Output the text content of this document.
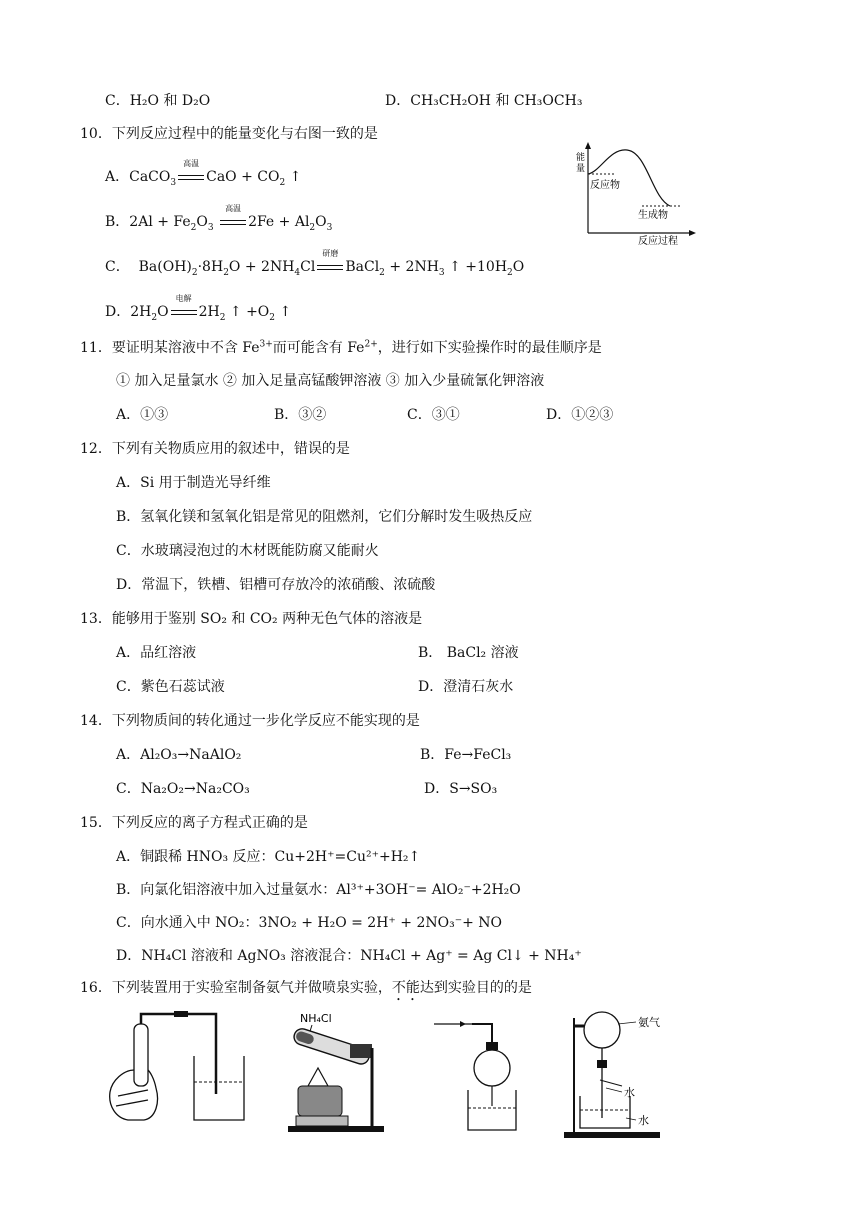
C．H₂O 和 D₂O	D．CH₃CH₂OH 和 CH₃OCH₃
10．下列反应过程中的能量变化与右图一致的是
能
量
反应物
生成物
反应过程
A．CaCO$_3$
高温
CaO + $CO_2$ ↑
B．$2Al + Fe_2O_3$
高温
$2Fe + Al_2O_3$
C．  $Ba(OH)_2\cdot 8H_2O + 2NH_4Cl$
研磨
BaCl$_2$ + $2NH_3$ ↑ $+10H_2O$
D．$2H_2O$
电解
$2H_2$ ↑ $+O_2$ ↑
11．要证明某溶液中不含 $Fe^{3+}$而可能含有 $Fe^{2+}$，进行如下实验操作时的最佳顺序是
① 加入足量氯水 ② 加入足量高锰酸钾溶液 ③ 加入少量硫氰化钾溶液
A．①③	B．③②	C．③①	D．①②③
12．下列有关物质应用的叙述中，错误的是
A．Si 用于制造光导纤维
B．氢氧化镁和氢氧化铝是常见的阻燃剂，它们分解时发生吸热反应
C．水玻璃浸泡过的木材既能防腐又能耐火
D．常温下，铁槽、铝槽可存放冷的浓硝酸、浓硫酸
13．能够用于鉴别 SO₂ 和 CO₂ 两种无色气体的溶液是
A．品红溶液	B． BaCl₂ 溶液
C．紫色石蕊试液	D．澄清石灰水
14．下列物质间的转化通过一步化学反应不能实现的是
A．Al₂O₃→NaAlO₂	B．Fe→FeCl₃
C．Na₂O₂→Na₂CO₃	D．S→SO₃
15．下列反应的离子方程式正确的是
A．铜跟稀 HNO₃ 反应：Cu+2H⁺=Cu²⁺+H₂↑
B．向氯化铝溶液中加入过量氨水：Al³⁺+3OH⁻= AlO₂⁻+2H₂O
C．向水通入中 NO₂：3NO₂ + H₂O = 2H⁺ + 2NO₃⁻+ NO
D．NH₄Cl 溶液和 AgNO₃ 溶液混合：NH₄Cl + Ag⁺ = Ag Cl↓ + NH₄⁺
16．下列装置用于实验室制备氨气并做喷泉实验，不能达到实验目的的是
NH₄Cl	氨气
水
水
